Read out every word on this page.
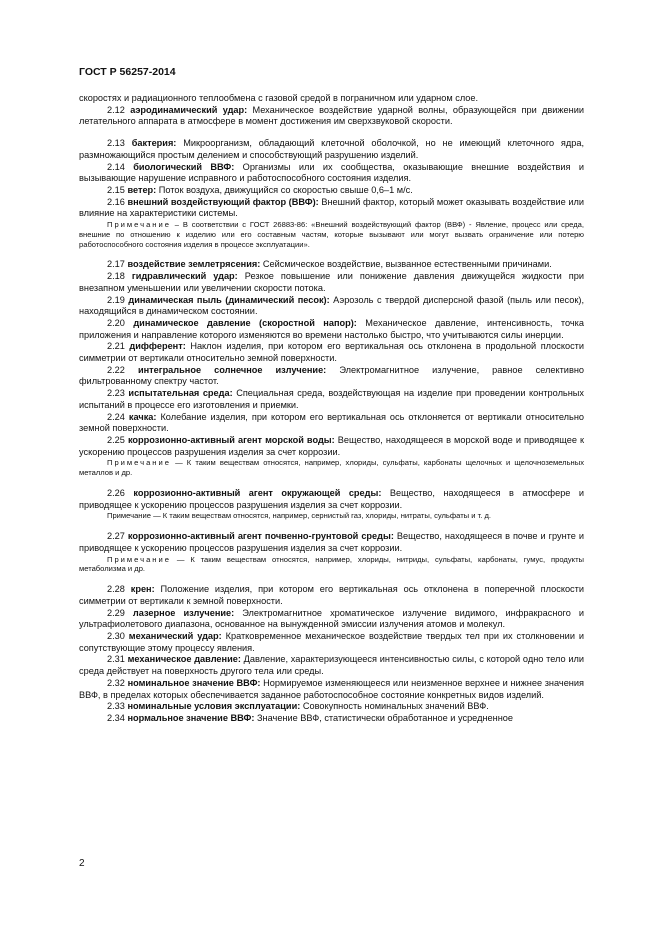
ГОСТ Р 56257-2014

скоростях и радиационного теплообмена с газовой средой в пограничном или ударном слое.

2.12 аэродинамический удар: Механическое воздействие ударной волны, образующейся при движении летательного аппарата в атмосфере в момент достижения им сверхзвуковой скорости.

2.13 бактерия: Микроорганизм, обладающий клеточной оболочкой, но не имеющий клеточного ядра, размножающийся простым делением и способствующий разрушению изделий.

2.14 биологический ВВФ: Организмы или их сообщества, оказывающие внешние воздействия и вызывающие нарушение исправного и работоспособного состояния изделия.

2.15 ветер: Поток воздуха, движущийся со скоростью свыше 0,6–1 м/с.

2.16 внешний воздействующий фактор (ВВФ): Внешний фактор, который может оказывать воздействие или влияние на характеристики системы.

Примечание – В соответствии с ГОСТ 26883-86: «Внешний воздействующий фактор (ВВФ) - Явление, процесс или среда, внешние по отношению к изделию или его составным частям, которые вызывают или могут вызвать ограничение или потерю работоспособного состояния изделия в процессе эксплуатации».

2.17 воздействие землетрясения: Сейсмическое воздействие, вызванное естественными причинами.

2.18 гидравлический удар: Резкое повышение или понижение давления движущейся жидкости при внезапном уменьшении или увеличении скорости потока.

2.19 динамическая пыль (динамический песок): Аэрозоль с твердой дисперсной фазой (пыль или песок), находящийся в динамическом состоянии.

2.20 динамическое давление (скоростной напор): Механическое давление, интенсивность, точка приложения и направление которого изменяются во времени настолько быстро, что учитываются силы инерции.

2.21 дифферент: Наклон изделия, при котором его вертикальная ось отклонена в продольной плоскости симметрии от вертикали относительно земной поверхности.

2.22 интегральное солнечное излучение: Электромагнитное излучение, равное селективно фильтрованному спектру частот.

2.23 испытательная среда: Специальная среда, воздействующая на изделие при проведении контрольных испытаний в процессе его изготовления и приемки.

2.24 качка: Колебание изделия, при котором его вертикальная ось отклоняется от вертикали относительно земной поверхности.

2.25 коррозионно-активный агент морской воды: Вещество, находящееся в морской воде и приводящее к ускорению процессов разрушения изделия за счет коррозии.

Примечание — К таким веществам относятся, например, хлориды, сульфаты, карбонаты щелочных и щелочноземельных металлов и др.

2.26 коррозионно-активный агент окружающей среды: Вещество, находящееся в атмосфере и приводящее к ускорению процессов разрушения изделия за счет коррозии.

Примечание — К таким веществам относятся, например, сернистый газ, хлориды, нитраты, сульфаты и т. д.

2.27 коррозионно-активный агент почвенно-грунтовой среды: Вещество, находящееся в почве и грунте и приводящее к ускорению процессов разрушения изделия за счет коррозии.

Примечание — К таким веществам относятся, например, хлориды, нитриды, сульфаты, карбонаты, гумус, продукты метаболизма и др.

2.28 крен: Положение изделия, при котором его вертикальная ось отклонена в поперечной плоскости симметрии от вертикали к земной поверхности.

2.29 лазерное излучение: Электромагнитное хроматическое излучение видимого, инфракрасного и ультрафиолетового диапазона, основанное на вынужденной эмиссии излучения атомов и молекул.

2.30 механический удар: Кратковременное механическое воздействие твердых тел при их столкновении и сопутствующие этому процессу явления.

2.31 механическое давление: Давление, характеризующееся интенсивностью силы, с которой одно тело или среда действует на поверхность другого тела или среды.

2.32 номинальное значение ВВФ: Нормируемое изменяющееся или неизменное верхнее и нижнее значения ВВФ, в пределах которых обеспечивается заданное работоспособное состояние конкретных видов изделий.

2.33 номинальные условия эксплуатации: Совокупность номинальных значений ВВФ.

2.34 нормальное значение ВВФ: Значение ВВФ, статистически обработанное и усредненное

2
